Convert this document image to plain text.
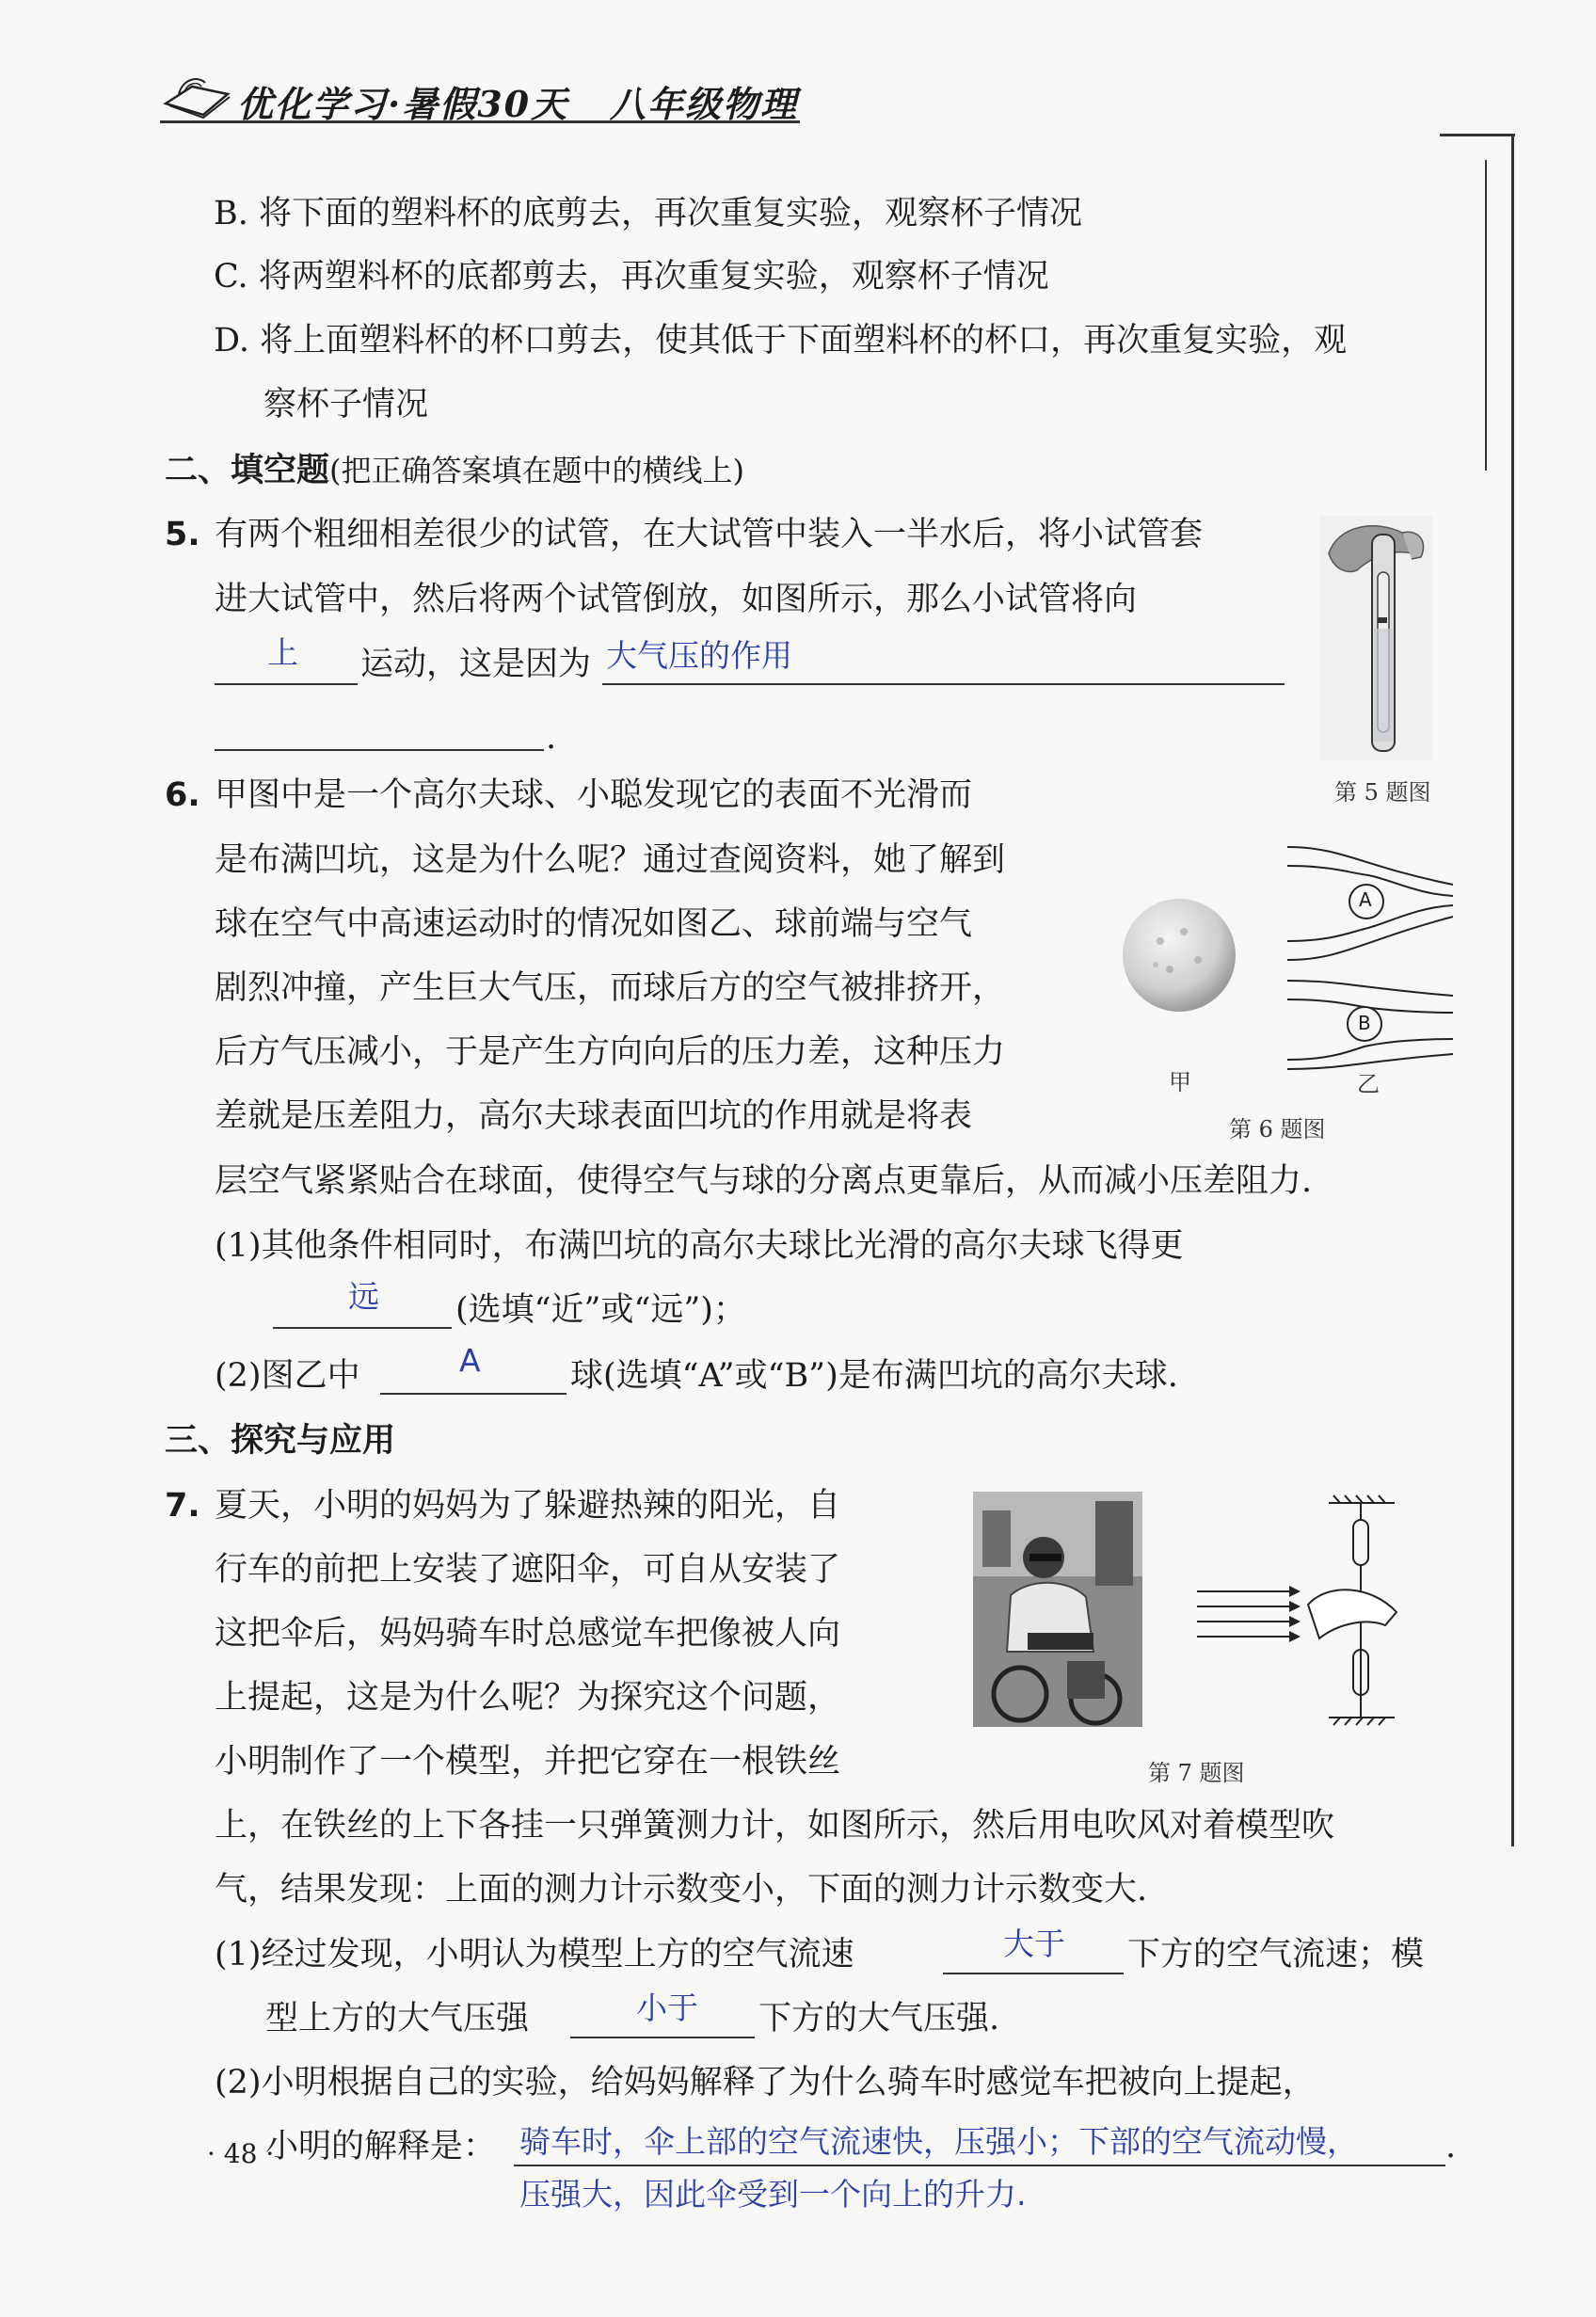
优化学习·暑假30天 八年级物理
B. 将下面的塑料杯的底剪去，再次重复实验，观察杯子情况
C. 将两塑料杯的底都剪去，再次重复实验，观察杯子情况
D. 将上面塑料杯的杯口剪去，使其低于下面塑料杯的杯口，再次重复实验，观
察杯子情况
二、填空题(把正确答案填在题中的横线上)
5. 有两个粗细相差很少的试管，在大试管中装入一半水后，将小试管套
进大试管中，然后将两个试管倒放，如图所示，那么小试管将向
上 运动，这是因为 大气压的作用
.
第 5 题图
6. 甲图中是一个高尔夫球、小聪发现它的表面不光滑而
是布满凹坑，这是为什么呢？通过查阅资料，她了解到
球在空气中高速运动时的情况如图乙、球前端与空气
剧烈冲撞，产生巨大气压，而球后方的空气被排挤开，
后方气压减小，于是产生方向向后的压力差，这种压力
差就是压差阻力，高尔夫球表面凹坑的作用就是将表
层空气紧紧贴合在球面，使得空气与球的分离点更靠后，从而减小压差阻力.
甲
A
B
乙
第 6 题图
(1)其他条件相同时，布满凹坑的高尔夫球比光滑的高尔夫球飞得更
远 (选填“近”或“远”)；
(2)图乙中	A	球(选填“A”或“B”)是布满凹坑的高尔夫球.
三、探究与应用
7. 夏天，小明的妈妈为了躲避热辣的阳光，自
行车的前把上安装了遮阳伞，可自从安装了
这把伞后，妈妈骑车时总感觉车把像被人向
上提起，这是为什么呢？为探究这个问题，
小明制作了一个模型，并把它穿在一根铁丝	第 7 题图
上，在铁丝的上下各挂一只弹簧测力计，如图所示，然后用电吹风对着模型吹
气，结果发现：上面的测力计示数变小，下面的测力计示数变大.
(1)经过发现，小明认为模型上方的空气流速	大于 下方的空气流速；模
型上方的大气压强	小于 下方的大气压强.
(2)小明根据自己的实验，给妈妈解释了为什么骑车时感觉车把被向上提起，
小明的解释是： 骑车时，伞上部的空气流速快，压强小；下部的空气流动慢，	.
压强大，因此伞受到一个向上的升力.
· 48 ·
